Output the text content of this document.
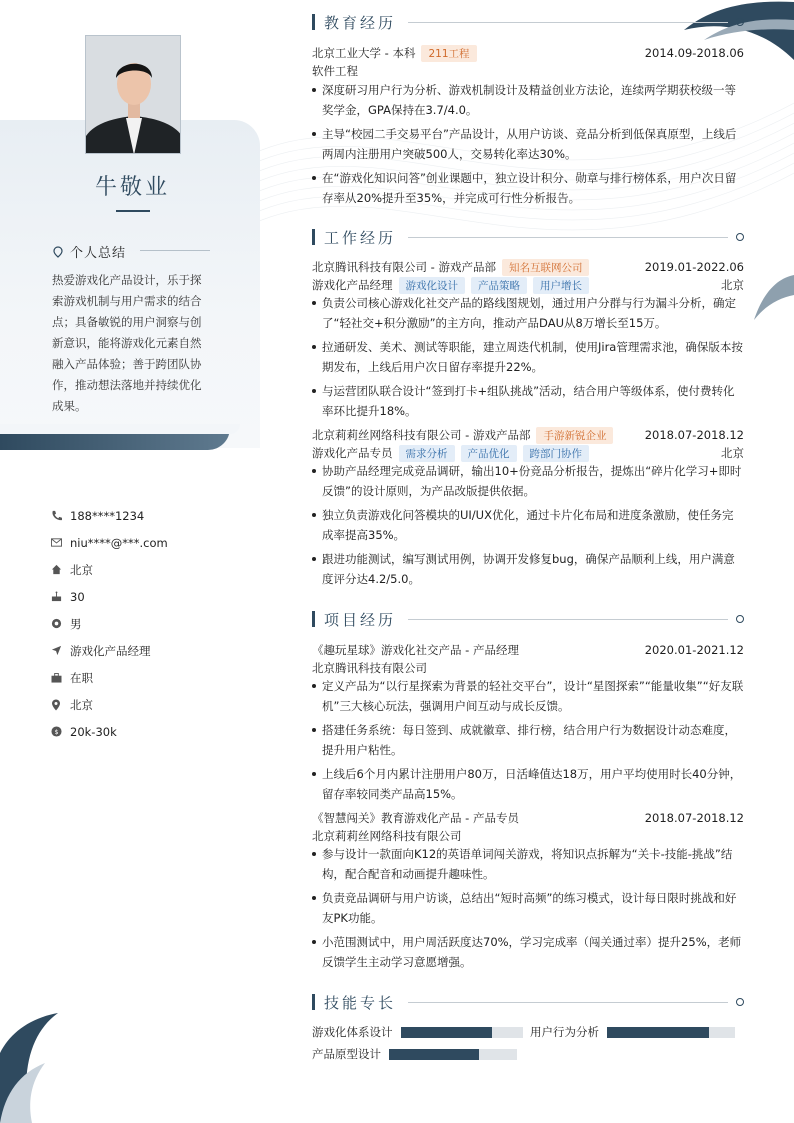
牛敬业
个人总结
热爱游戏化产品设计，乐于探索游戏机制与用户需求的结合点；具备敏锐的用户洞察与创新意识，能将游戏化元素自然融入产品体验；善于跨团队协作，推动想法落地并持续优化成果。
188****1234
niu****@***.com
北京
30
男
游戏化产品经理
在职
北京
$ 20k-30k
教育经历
北京工业大学 - 本科	211工程	2014.09-2018.06
软件工程
深度研习用户行为分析、游戏机制设计及精益创业方法论，连续两学期获校级一等奖学金，GPA保持在3.7/4.0。
主导“校园二手交易平台”产品设计，从用户访谈、竞品分析到低保真原型，上线后两周内注册用户突破500人，交易转化率达30%。
在“游戏化知识问答”创业课题中，独立设计积分、勋章与排行榜体系，用户次日留存率从20%提升至35%，并完成可行性分析报告。
工作经历
北京腾讯科技有限公司 - 游戏产品部	知名互联网公司	2019.01-2022.06
游戏化产品经理	游戏化设计	产品策略	用户增长	北京
负责公司核心游戏化社交产品的路线图规划，通过用户分群与行为漏斗分析，确定了“轻社交+积分激励”的主方向，推动产品DAU从8万增长至15万。
拉通研发、美术、测试等职能，建立周迭代机制，使用Jira管理需求池，确保版本按期发布，上线后用户次日留存率提升22%。
与运营团队联合设计“签到打卡+组队挑战”活动，结合用户等级体系，使付费转化率环比提升18%。
北京莉莉丝网络科技有限公司 - 游戏产品部	手游新锐企业	2018.07-2018.12
游戏化产品专员	需求分析	产品优化	跨部门协作	北京
协助产品经理完成竞品调研，输出10+份竞品分析报告，提炼出“碎片化学习+即时反馈”的设计原则，为产品改版提供依据。
独立负责游戏化问答模块的UI/UX优化，通过卡片化布局和进度条激励，使任务完成率提高35%。
跟进功能测试，编写测试用例，协调开发修复bug，确保产品顺利上线，用户满意度评分达4.2/5.0。
项目经历
《趣玩星球》游戏化社交产品 - 产品经理	2020.01-2021.12
北京腾讯科技有限公司
定义产品为“以行星探索为背景的轻社交平台”，设计“星图探索”“能量收集”“好友联机”三大核心玩法，强调用户间互动与成长反馈。
搭建任务系统：每日签到、成就徽章、排行榜，结合用户行为数据设计动态难度，提升用户粘性。
上线后6个月内累计注册用户80万，日活峰值达18万，用户平均使用时长40分钟，留存率较同类产品高15%。
《智慧闯关》教育游戏化产品 - 产品专员	2018.07-2018.12
北京莉莉丝网络科技有限公司
参与设计一款面向K12的英语单词闯关游戏，将知识点拆解为“关卡-技能-挑战”结构，配合配音和动画提升趣味性。
负责竞品调研与用户访谈，总结出“短时高频”的练习模式，设计每日限时挑战和好友PK功能。
小范围测试中，用户周活跃度达70%，学习完成率（闯关通过率）提升25%，老师反馈学生主动学习意愿增强。
技能专长
游戏化体系设计	用户行为分析
产品原型设计
